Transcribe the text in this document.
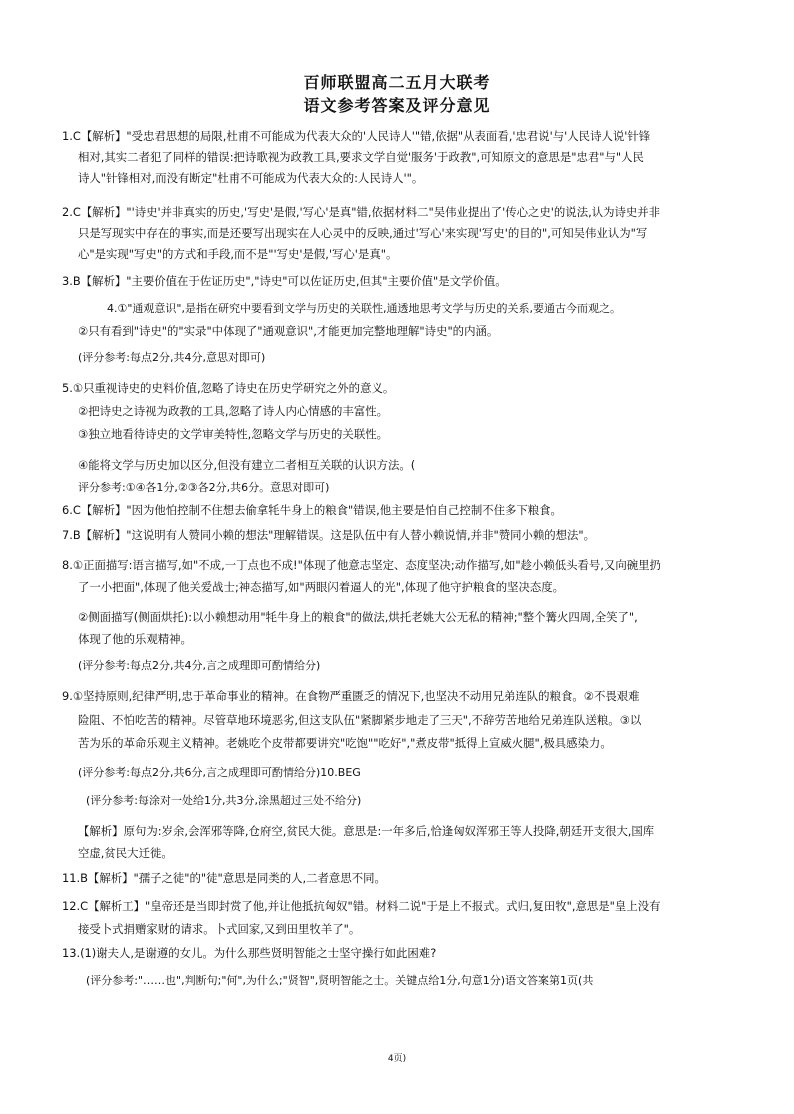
百师联盟高二五月大联考
语文参考答案及评分意见
1.C【解析】"受忠君思想的局限,杜甫不可能成为代表大众的'人民诗人'"错,依据"从表面看,'忠君说'与'人民诗人说'针锋
相对,其实二者犯了同样的错误:把诗歌视为政教工具,要求文学自觉'服务'于政教",可知原文的意思是"忠君"与"人民
诗人"针锋相对,而没有断定"杜甫不可能成为代表大众的:人民诗人'"。
2.C【解析】"'诗史'并非真实的历史,'写史'是假,'写心'是真"错,依据材料二"吴伟业提出了'传心之史'的说法,认为诗史并非
只是写现实中存在的事实,而是还要写出现实在人心灵中的反映,通过'写心'来实现'写史'的目的",可知吴伟业认为"写
心"是实现"写史"的方式和手段,而不是"'写史'是假,'写心'是真"。
3.B【解析】"主要价值在于佐证历史","诗史"可以佐证历史,但其"主要价值"是文学价值。
4.①"通观意识",是指在研究中要看到文学与历史的关联性,通透地思考文学与历史的关系,要通古今而观之。
②只有看到"诗史"的"实录"中体现了"通观意识",才能更加完整地理解"诗史"的内涵。
(评分参考:每点2分,共4分,意思对即可)
5.①只重视诗史的史料价值,忽略了诗史在历史学研究之外的意义。
②把诗史之诗视为政教的工具,忽略了诗人内心情感的丰富性。
③独立地看待诗史的文学审美特性,忽略文学与历史的关联性。
④能将文学与历史加以区分,但没有建立二者相互关联的认识方法。(
评分参考:①④各1分,②③各2分,共6分。意思对即可)
6.C【解析】"因为他怕控制不住想去偷拿牦牛身上的粮食"错误,他主要是怕自己控制不住多下粮食。
7.B【解析】"这说明有人赞同小赖的想法"理解错误。这是队伍中有人替小赖说情,并非"赞同小赖的想法"。
8.①正面描写:语言描写,如"不成,一丁点也不成!"体现了他意志坚定、态度坚决;动作描写,如"趁小赖低头看号,又向碗里扔
了一小把面",体现了他关爱战士;神态描写,如"两眼闪着逼人的光",体现了他守护粮食的坚决态度。
②侧面描写(侧面烘托):以小赖想动用"牦牛身上的粮食"的做法,烘托老姚大公无私的精神;"整个篝火四周,全笑了",
体现了他的乐观精神。
(评分参考:每点2分,共4分,言之成理即可酌情给分)
9.①坚持原则,纪律严明,忠于革命事业的精神。在食物严重匮乏的情况下,也坚决不动用兄弟连队的粮食。②不畏艰难
险阻、不怕吃苦的精神。尽管草地环境恶劣,但这支队伍"紧脚紧步地走了三天",不辞劳苦地给兄弟连队送粮。③以
苦为乐的革命乐观主义精神。老姚吃个皮带都要讲究"吃饱""吃好","煮皮带"抵得上宣威火腿",极具感染力。
(评分参考:每点2分,共6分,言之成理即可酌情给分)10.BEG
(评分参考:每涂对一处给1分,共3分,涂黑超过三处不给分)
【解析】原句为:岁余,会浑邪等降,仓府空,贫民大徙。意思是:一年多后,恰逢匈奴浑邪王等人投降,朝廷开支很大,国库
空虚,贫民大迁徙。
11.B【解析】"孺子之徒"的"徒"意思是同类的人,二者意思不同。
12.C【解析工】"皇帝还是当即封赏了他,并让他抵抗匈奴"错。材料二说"于是上不报式。式归,复田牧",意思是"皇上没有
接受卜式捐赠家财的请求。卜式回家,又到田里牧羊了"。
13.(1)谢夫人,是谢遵的女儿。为什么那些贤明智能之士坚守操行如此困难?
(评分参考:"……也",判断句;"何",为什么;"贤智",贤明智能之士。关键点给1分,句意1分)语文答案第1页(共
4页)
